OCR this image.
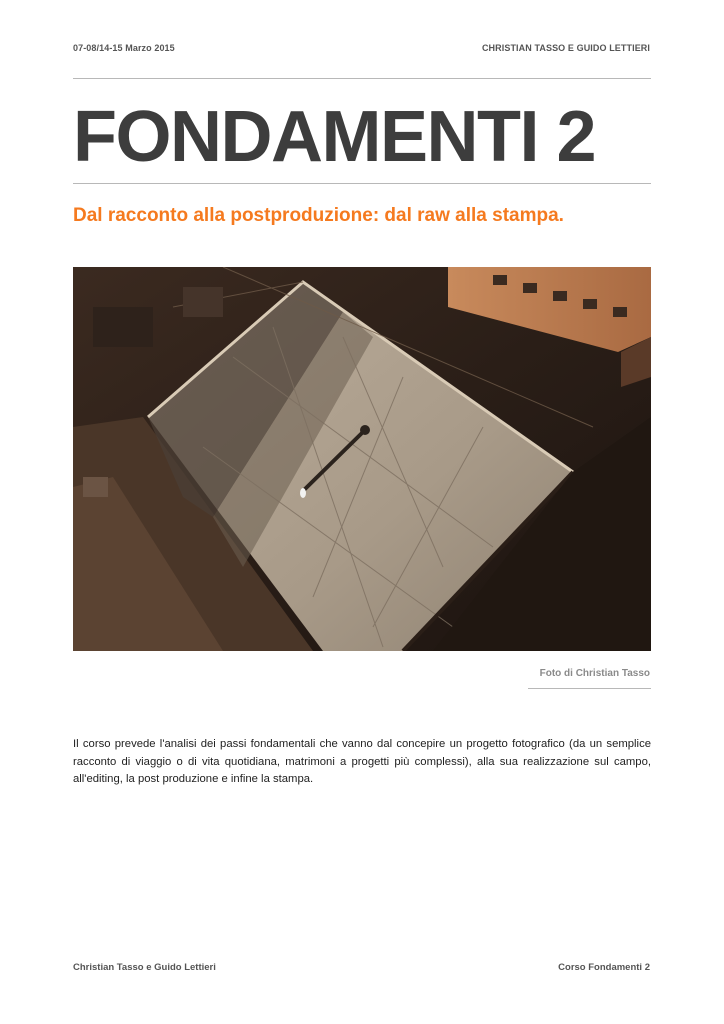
07-08/14-15 Marzo 2015	CHRISTIAN TASSO E GUIDO LETTIERI
FONDAMENTI 2
Dal racconto alla postproduzione: dal raw alla stampa.
Foto di Christian Tasso
Il corso prevede l'analisi dei passi fondamentali che vanno dal concepire un progetto fotografico (da un semplice racconto di viaggio o di vita quotidiana, matrimoni a progetti più complessi), alla sua realizzazione sul campo, all'editing, la post produzione e infine la stampa.
Christian Tasso e Guido Lettieri	Corso Fondamenti 2
